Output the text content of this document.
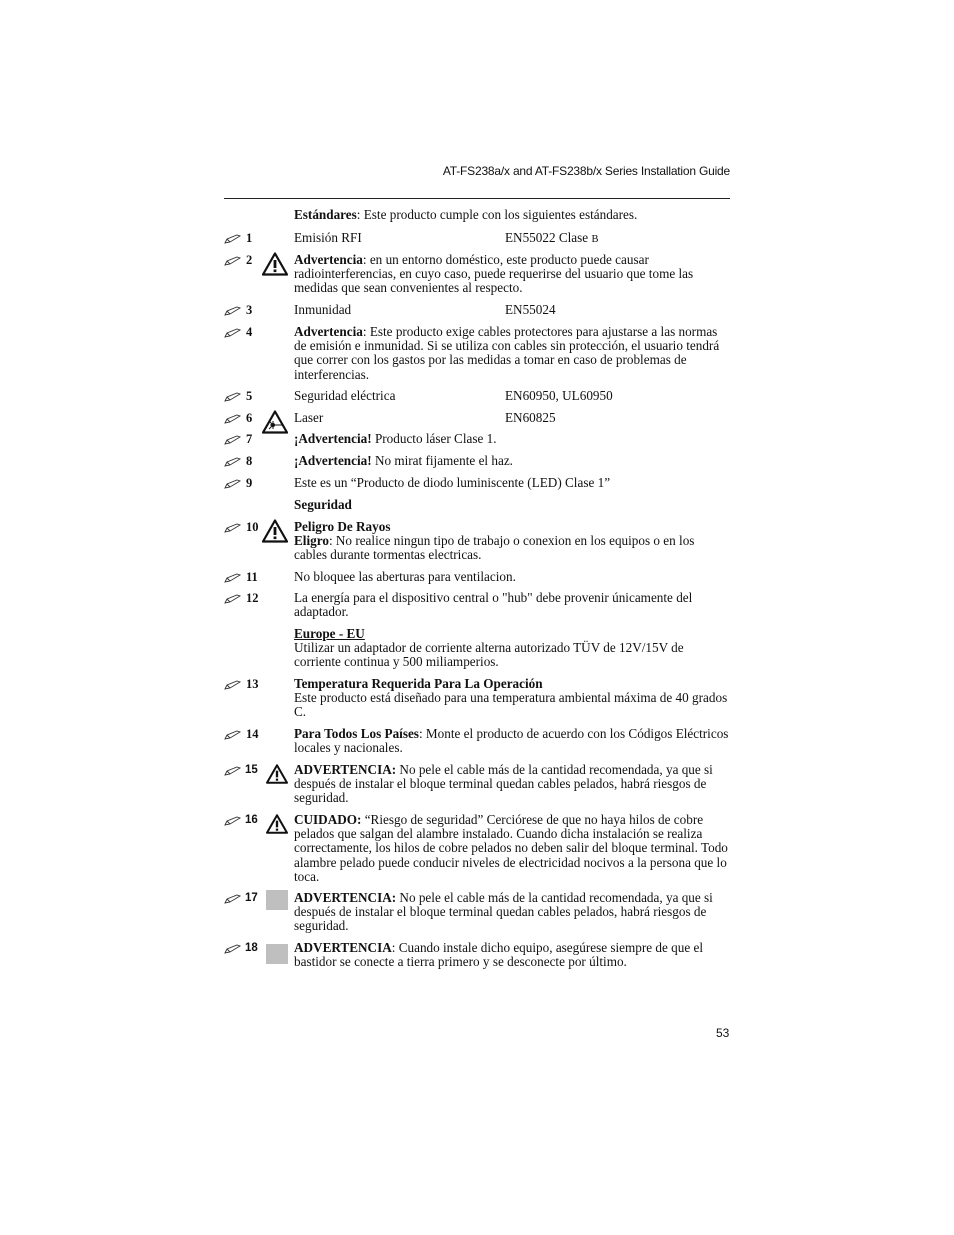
AT-FS238a/x and AT-FS238b/x Series Installation Guide
Estándares: Este producto cumple con los siguientes estándares.
1	Emisión RFI	EN55022 Clase B
2	Advertencia: en un entorno doméstico, este producto puede causar radiointerferencias, en cuyo caso, puede requerirse del usuario que tome las medidas que sean convenientes al respecto.
3	Inmunidad	EN55024
4	Advertencia: Este producto exige cables protectores para ajustarse a las normas de emisión e inmunidad. Si se utiliza con cables sin protección, el usuario tendrá que correr con los gastos por las medidas a tomar en caso de problemas de interferencias.
5	Seguridad eléctrica	EN60950, UL60950
6	Laser	EN60825
7	¡Advertencia! Producto láser Clase 1.
8	¡Advertencia! No mirat fijamente el haz.
9	Este es un “Producto de diodo luminiscente (LED) Clase 1”
Seguridad
10	Peligro De Rayos
Eligro: No realice ningun tipo de trabajo o conexion en los equipos o en los cables durante tormentas electricas.
11	No bloquee las aberturas para ventilacion.
12	La energía para el dispositivo central o "hub" debe provenir únicamente del adaptador.
Europe - EU
Utilizar un adaptador de corriente alterna autorizado TÜV de 12V/15V de corriente continua y 500 miliamperios.
13	Temperatura Requerida Para La Operación
Este producto está diseñado para una temperatura ambiental máxima de 40 grados C.
14	Para Todos Los Países: Monte el producto de acuerdo con los Códigos Eléctricos locales y nacionales.
15	ADVERTENCIA: No pele el cable más de la cantidad recomendada, ya que si después de instalar el bloque terminal quedan cables pelados, habrá riesgos de seguridad.
16	CUIDADO: “Riesgo de seguridad” Cerciórese de que no haya hilos de cobre pelados que salgan del alambre instalado. Cuando dicha instalación se realiza correctamente, los hilos de cobre pelados no deben salir del bloque terminal. Todo alambre pelado puede conducir niveles de electricidad nocivos a la persona que lo toca.
17	ADVERTENCIA: No pele el cable más de la cantidad recomendada, ya que si después de instalar el bloque terminal quedan cables pelados, habrá riesgos de seguridad.
18	ADVERTENCIA: Cuando instale dicho equipo, asegúrese siempre de que el bastidor se conecte a tierra primero y se desconecte por último.
53
